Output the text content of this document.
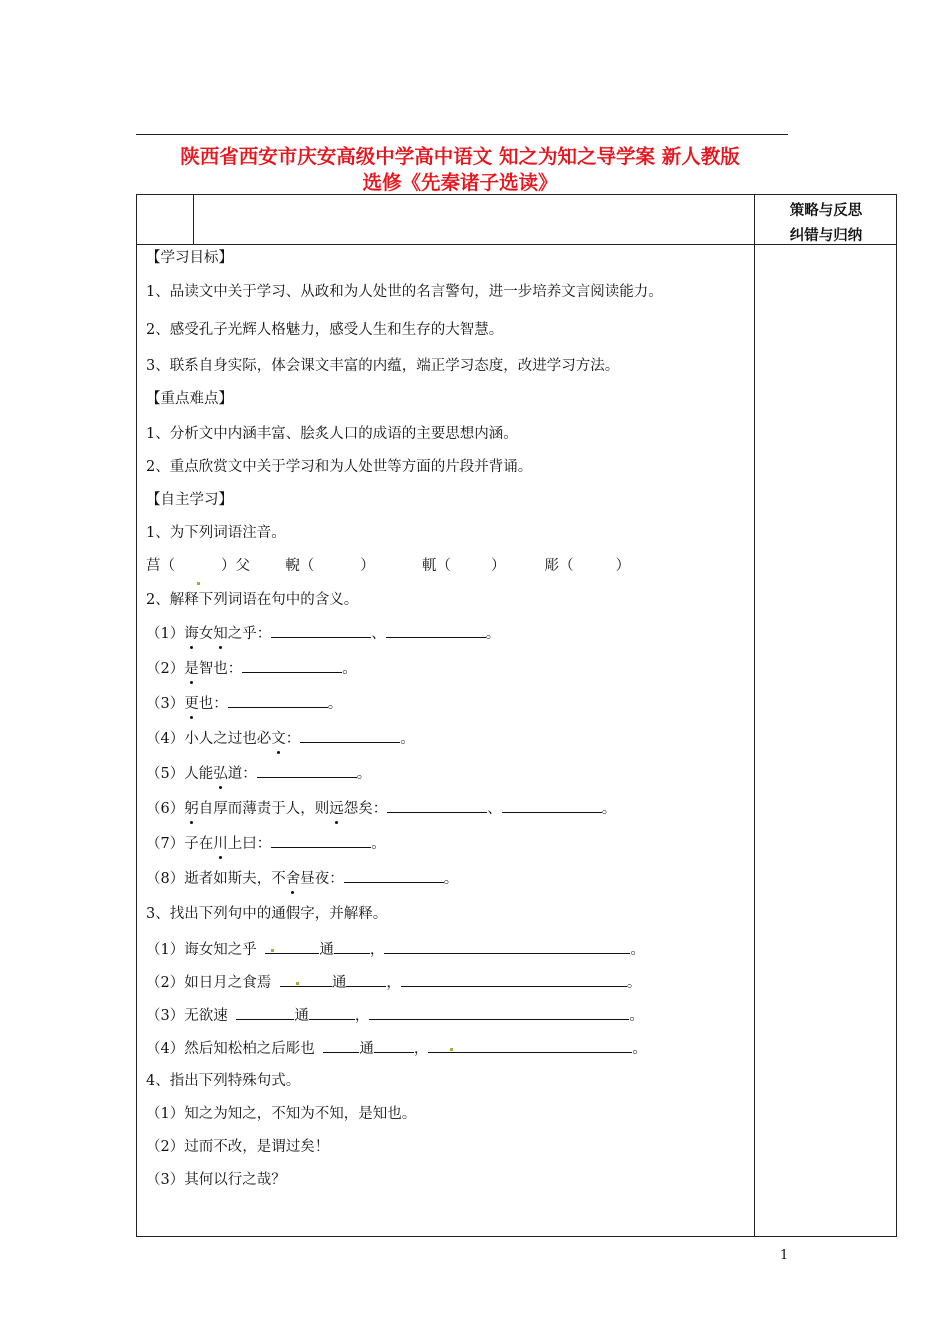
陕西省西安市庆安高级中学高中语文 知之为知之导学案 新人教版
选修《先秦诸子选读》
策略与反思
纠错与归纳
【学习目标】
1、品读文中关于学习、从政和为人处世的名言警句，进一步培养文言阅读能力。
2、感受孔子光辉人格魅力，感受人生和生存的大智慧。
3、联系自身实际，体会课文丰富的内蕴，端正学习态度，改进学习方法。
【重点难点】
1、分析文中内涵丰富、脍炙人口的成语的主要思想内涵。
2、重点欣赏文中关于学习和为人处世等方面的片段并背诵。
【自主学习】
1、为下列词语注音。
莒（	）父 輗（	）	軏（	）	彫（	）
2、解释下列词语在句中的含义。
（1）诲女知之乎：	、	。
（2）是智也：	。
（3）更也：	。
（4）小人之过也必文：	。
（5）人能弘道：	。
（6）躬自厚而薄责于人，则远怨矣：	、	。
（7）子在川上曰：	。
（8）逝者如斯夫，不舍昼夜：	。
3、找出下列句中的通假字，并解释。
（1）诲女知之乎	通 ，	。
（2）如日月之食焉	通	，	。
（3）无欲速	通	，	。
（4）然后知松柏之后彫也	通	，	。
4、指出下列特殊句式。
（1）知之为知之，不知为不知，是知也。
（2）过而不改，是谓过矣！
（3）其何以行之哉？
1
